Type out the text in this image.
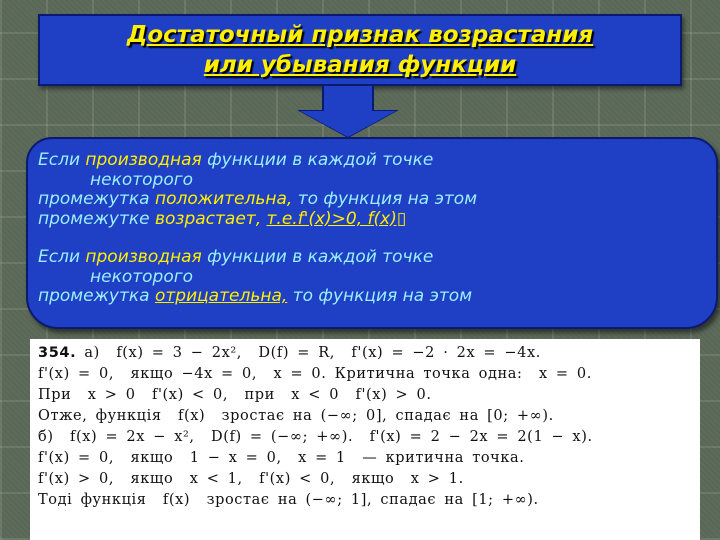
Достаточный признак возрастания
или убывания функции
Если производная функции в каждой точке
некоторого
промежутка положительна, то функция на этом
промежутке возрастает, т.е.f'(x)>0, f(x)▯
Если производная функции в каждой точке
некоторого
промежутка отрицательна, то функция на этом
354. а)  f(x) = 3 − 2x²,  D(f) = R,  f'(x) = −2 · 2x = −4x.
f'(x) = 0,  якщо −4x = 0,  x = 0. Критична точка одна:  x = 0.
При  x > 0  f'(x) < 0,  при  x < 0  f'(x) > 0.
Отже, функція  f(x)  зростає на (−∞; 0], спадає на [0; +∞).
б)  f(x) = 2x − x²,  D(f) = (−∞; +∞).  f'(x) = 2 − 2x = 2(1 − x).
f'(x) = 0,  якщо  1 − x = 0,  x = 1  — критична точка.
f'(x) > 0,  якщо  x < 1,  f'(x) < 0,  якщо  x > 1.
Тоді функція  f(x)  зростає на (−∞; 1], спадає на [1; +∞).
